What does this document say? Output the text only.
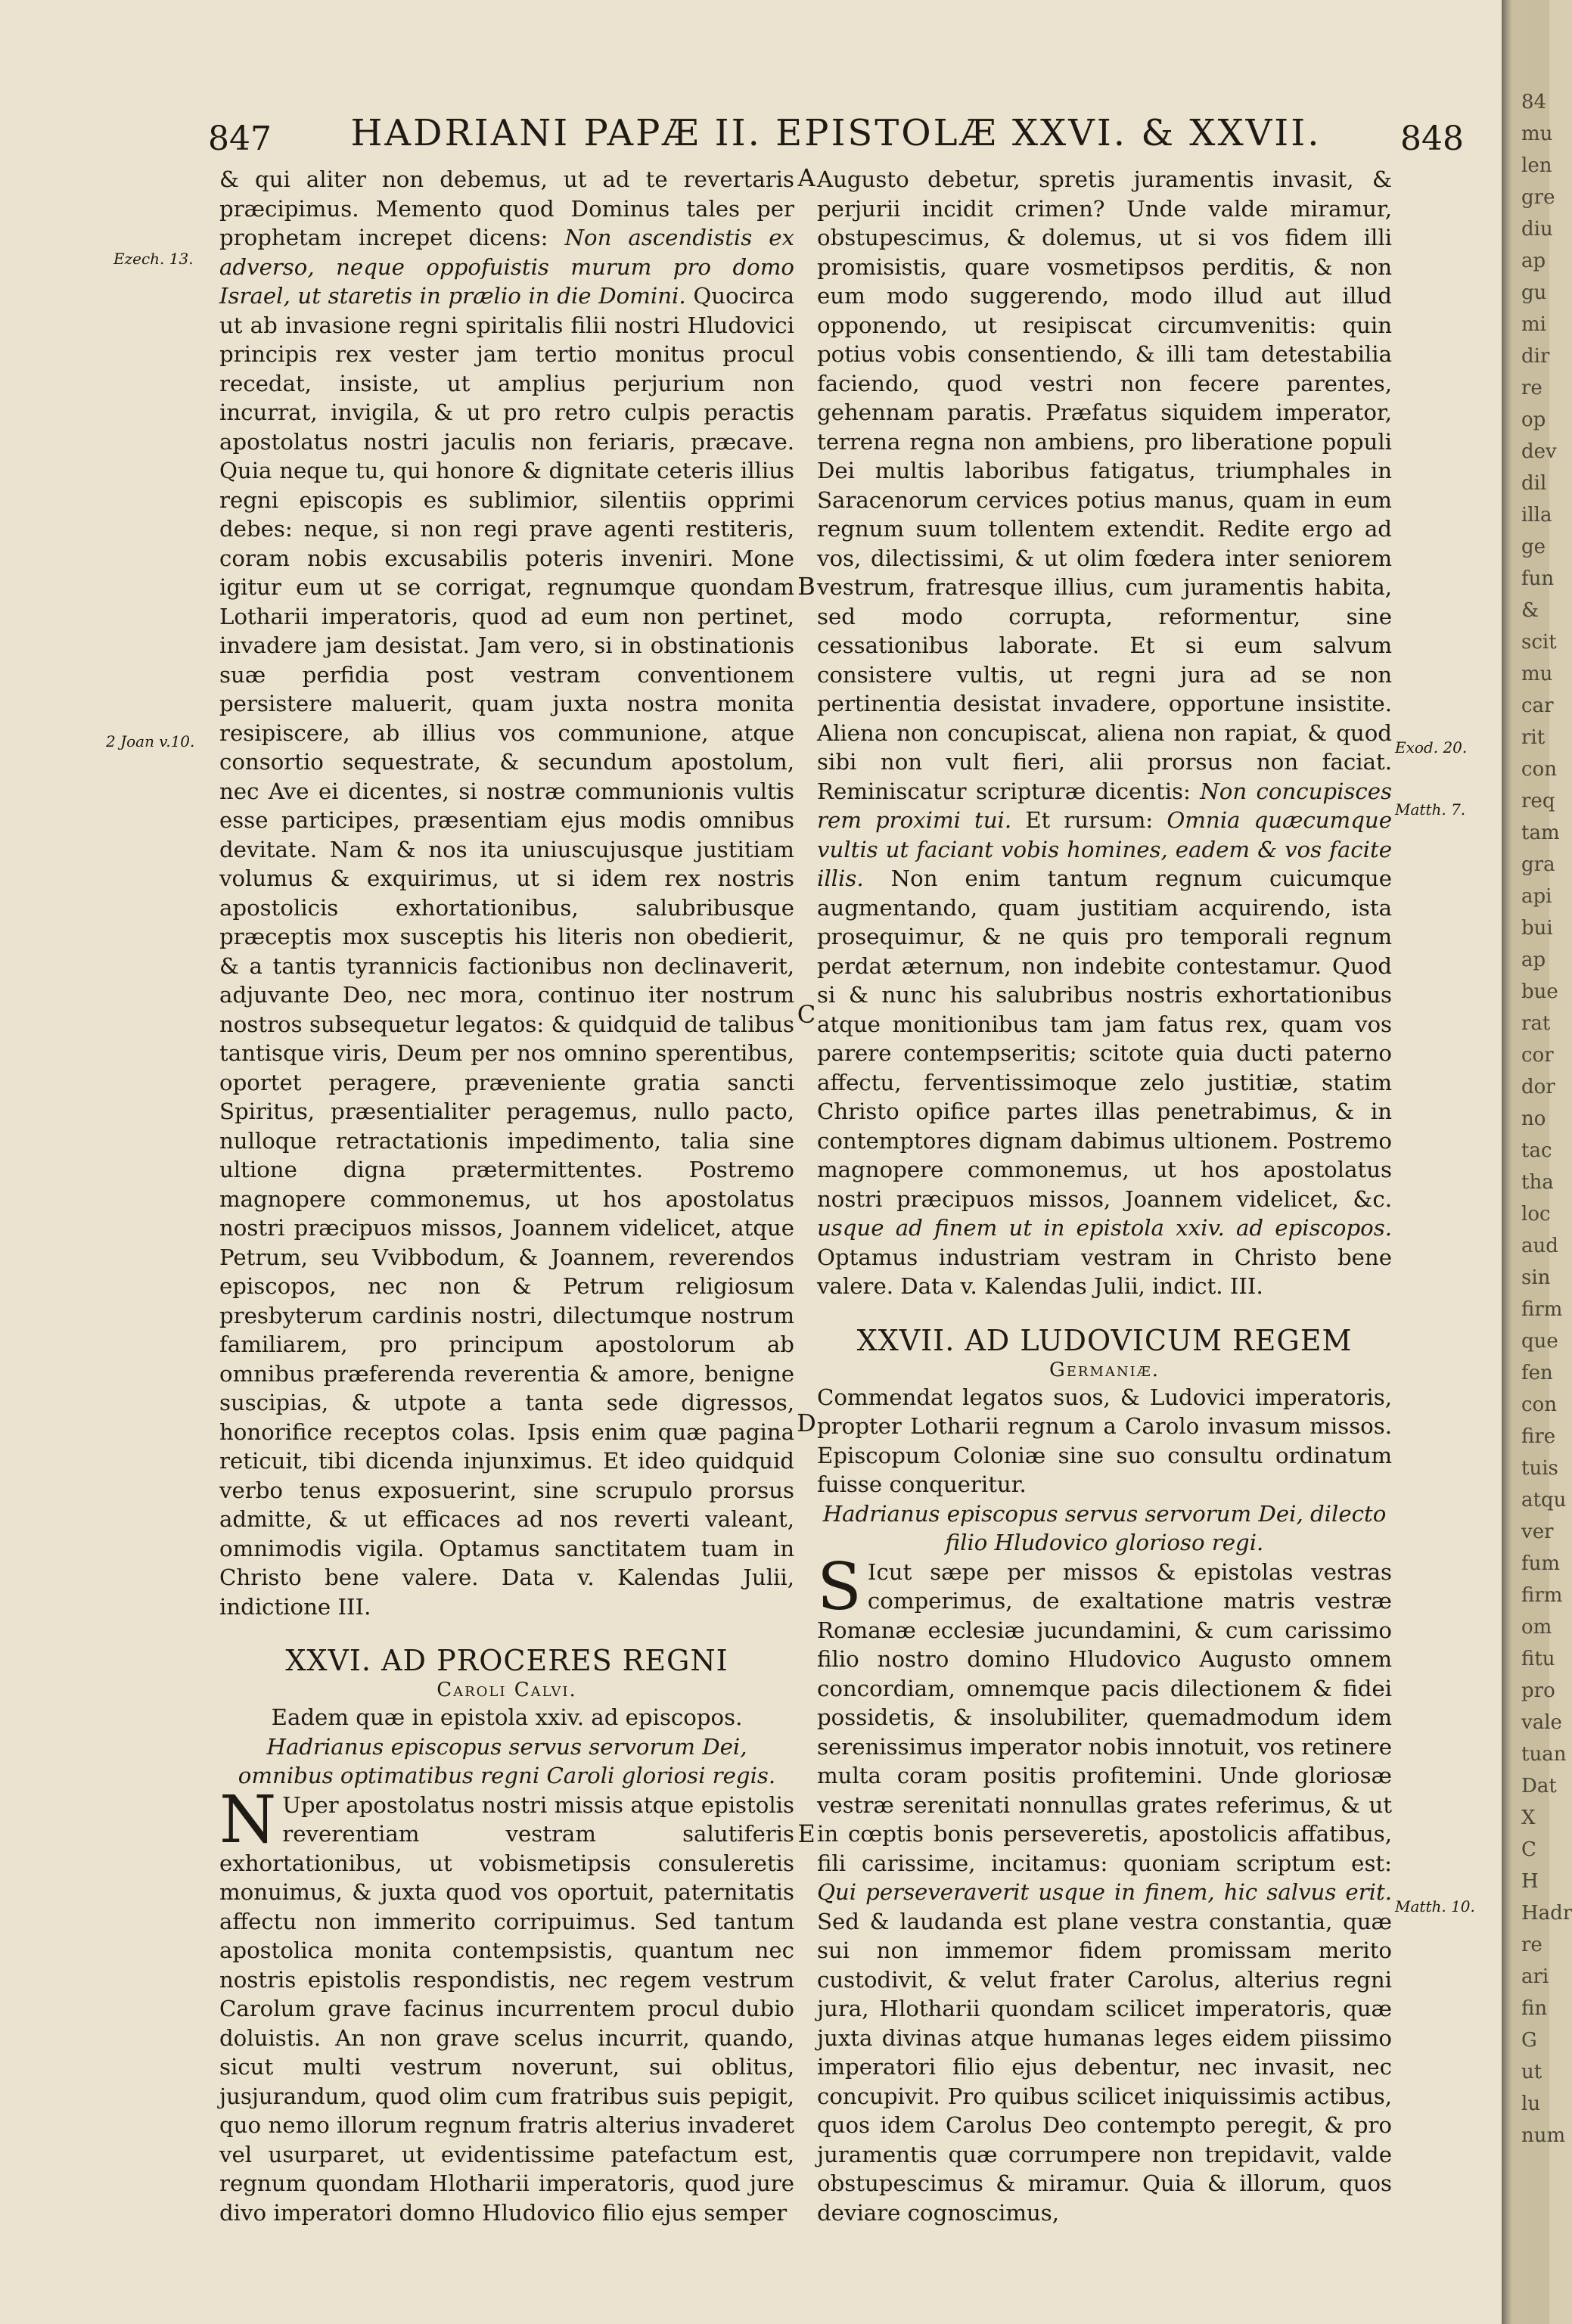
847	HADRIANI PAPÆ II. EPISTOLÆ XXVI. & XXVII.	848
Ezech. 13.
2 Joan v.10.	Exod. 20.
Matth. 7.
Matth. 10.
A
B
C
D
E

& qui aliter non debemus, ut ad te revertaris præcipimus. Memento quod Dominus tales per prophetam increpet dicens: Non ascendistis ex adverso, neque oppofuistis murum pro domo Israel, ut staretis in prælio in die Domini. Quocirca ut ab invasione regni spiritalis filii nostri Hludovici principis rex vester jam tertio monitus procul recedat, insiste, ut amplius perjurium non incurrat, invigila, & ut pro retro culpis peractis apostolatus nostri jaculis non feriaris, præcave. Quia neque tu, qui honore & dignitate ceteris illius regni episcopis es sublimior, silentiis opprimi debes: neque, si non regi prave agenti restiteris, coram nobis excusabilis poteris inveniri. Mone igitur eum ut se corrigat, regnumque quondam Lotharii imperatoris, quod ad eum non pertinet, invadere jam desistat. Jam vero, si in obstinationis suæ perfidia post vestram conventionem persistere maluerit, quam juxta nostra monita resipiscere, ab illius vos communione, atque consortio sequestrate, & secundum apostolum, nec Ave ei dicentes, si nostræ communionis vultis esse participes, præsentiam ejus modis omnibus devitate. Nam & nos ita uniuscujusque justitiam volumus & exquirimus, ut si idem rex nostris apostolicis exhortationibus, salubribusque præceptis mox susceptis his literis non obedierit, & a tantis tyrannicis factionibus non declinaverit, adjuvante Deo, nec mora, continuo iter nostrum nostros subsequetur legatos: & quidquid de talibus tantisque viris, Deum per nos omnino sperentibus, oportet peragere, præveniente gratia sancti Spiritus, præsentialiter peragemus, nullo pacto, nulloque retractationis impedimento, talia sine ultione digna prætermittentes. Postremo magnopere commonemus, ut hos apostolatus nostri præcipuos missos, Joannem videlicet, atque Petrum, seu Vvibbodum, & Joannem, reverendos episcopos, nec non & Petrum religiosum presbyterum cardinis nostri, dilectumque nostrum familiarem, pro principum apostolorum ab omnibus præferenda reverentia & amore, benigne suscipias, & utpote a tanta sede digressos, honorifice receptos colas. Ipsis enim quæ pagina reticuit, tibi dicenda injunximus. Et ideo quidquid verbo tenus exposuerint, sine scrupulo prorsus admitte, & ut efficaces ad nos reverti valeant, omnimodis vigila. Optamus sanctitatem tuam in Christo bene valere. Data v. Kalendas Julii, indictione III.

XXVI. AD PROCERES REGNI
Caroli Calvi.

Eadem quæ in epistola xxiv. ad episcopos.

Hadrianus episcopus servus servorum Dei, omnibus optimatibus regni Caroli gloriosi regis.

N Uper apostolatus nostri missis atque epistolis reverentiam vestram salutiferis exhortationibus, ut vobismetipsis consuleretis monuimus, & juxta quod vos oportuit, paternitatis affectu non immerito corripuimus. Sed tantum apostolica monita contempsistis, quantum nec nostris epistolis respondistis, nec regem vestrum Carolum grave facinus incurrentem procul dubio doluistis. An non grave scelus incurrit, quando, sicut multi vestrum noverunt, sui oblitus, jusjurandum, quod olim cum fratribus suis pepigit, quo nemo illorum regnum fratris alterius invaderet vel usurparet, ut evidentissime patefactum est, regnum quondam Hlotharii imperatoris, quod jure divo imperatori domno Hludovico filio ejus semper

Augusto debetur, spretis juramentis invasit, & perjurii incidit crimen? Unde valde miramur, obstupescimus, & dolemus, ut si vos fidem illi promisistis, quare vosmetipsos perditis, & non eum modo suggerendo, modo illud aut illud opponendo, ut resipiscat circumvenitis: quin potius vobis consentiendo, & illi tam detestabilia faciendo, quod vestri non fecere parentes, gehennam paratis. Præfatus siquidem imperator, terrena regna non ambiens, pro liberatione populi Dei multis laboribus fatigatus, triumphales in Saracenorum cervices potius manus, quam in eum regnum suum tollentem extendit. Redite ergo ad vos, dilectissimi, & ut olim fœdera inter seniorem vestrum, fratresque illius, cum juramentis habita, sed modo corrupta, reformentur, sine cessationibus laborate. Et si eum salvum consistere vultis, ut regni jura ad se non pertinentia desistat invadere, opportune insistite. Aliena non concupiscat, aliena non rapiat, & quod sibi non vult fieri, alii prorsus non faciat. Reminiscatur scripturæ dicentis: Non concupisces rem proximi tui. Et rursum: Omnia quæcumque vultis ut faciant vobis homines, eadem & vos facite illis. Non enim tantum regnum cuicumque augmentando, quam justitiam acquirendo, ista prosequimur, & ne quis pro temporali regnum perdat æternum, non indebite contestamur. Quod si & nunc his salubribus nostris exhortationibus atque monitionibus tam jam fatus rex, quam vos parere contempseritis; scitote quia ducti paterno affectu, ferventissimoque zelo justitiæ, statim Christo opifice partes illas penetrabimus, & in contemptores dignam dabimus ultionem. Postremo magnopere commonemus, ut hos apostolatus nostri præcipuos missos, Joannem videlicet, &c. usque ad finem ut in epistola xxiv. ad episcopos. Optamus industriam vestram in Christo bene valere. Data v. Kalendas Julii, indict. III.

XXVII. AD LUDOVICUM REGEM
Germaniæ.

Commendat legatos suos, & Ludovici imperatoris, propter Lotharii regnum a Carolo invasum missos. Episcopum Coloniæ sine suo consultu ordinatum fuisse conqueritur.

Hadrianus episcopus servus servorum Dei, dilecto filio Hludovico glorioso regi.

S Icut sæpe per missos & epistolas vestras comperimus, de exaltatione matris vestræ Romanæ ecclesiæ jucundamini, & cum carissimo filio nostro domino Hludovico Augusto omnem concordiam, omnemque pacis dilectionem & fidei possidetis, & insolubiliter, quemadmodum idem serenissimus imperator nobis innotuit, vos retinere multa coram positis profitemini. Unde gloriosæ vestræ serenitati nonnullas grates referimus, & ut in cœptis bonis perseveretis, apostolicis affatibus, fili carissime, incitamus: quoniam scriptum est: Qui perseveraverit usque in finem, hic salvus erit. Sed & laudanda est plane vestra constantia, quæ sui non immemor fidem promissam merito custodivit, & velut frater Carolus, alterius regni jura, Hlotharii quondam scilicet imperatoris, quæ juxta divinas atque humanas leges eidem piissimo imperatori filio ejus debentur, nec invasit, nec concupivit. Pro quibus scilicet iniquissimis actibus, quos idem Carolus Deo contempto peregit, & pro juramentis quæ corrumpere non trepidavit, valde obstupescimus & miramur. Quia & illorum, quos deviare cognoscimus,

84
mu
len
gre
diu
ap
gu
mi
dir
re
op
dev
dil
illa
ge
fun
&
scit
mu
car
rit
con
req
tam
gra
api
bui
ap
bue
rat
cor
dor
no
tac
tha
loc
aud
sin
firm
que
fen
con
fire
tuis
atqu
ver
fum
firm
om
fitu
pro
vale
tuan
Dat
X
C
H
Hadr
re
ari
fin
G
ut
lu
num
